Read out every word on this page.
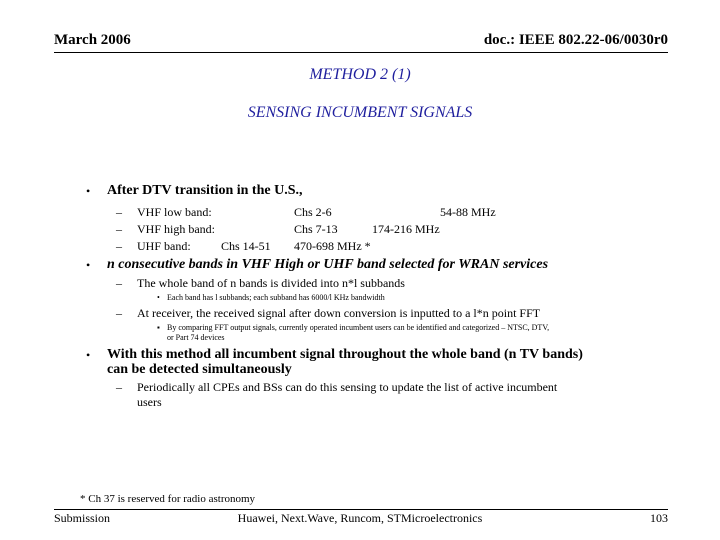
March 2006	doc.: IEEE 802.22-06/0030r0
METHOD 2 (1)
SENSING INCUMBENT SIGNALS
• After DTV transition in the U.S.,
– VHF low band:	Chs 2-6	54-88 MHz
– VHF high band:	Chs 7-13	174-216 MHz
– UHF band:	Chs 14-51 470-698 MHz *
• n consecutive bands in VHF High or UHF band selected for WRAN services
– The whole band of n bands is divided into n*l subbands
• Each band has l subbands; each subband has 6000/l KHz bandwidth
– At receiver, the received signal after down conversion is inputted to a l*n point FFT
▪ By comparing FFT output signals, currently operated incumbent users can be identified and categorized – NTSC, DTV,
or Part 74 devices
• With this method all incumbent signal throughout the whole band (n TV bands)
can be detected simultaneously
– Periodically all CPEs and BSs can do this sensing to update the list of active incumbent
users
* Ch 37 is reserved for radio astronomy
Submission	Huawei, Next.Wave, Runcom, STMicroelectronics	103
